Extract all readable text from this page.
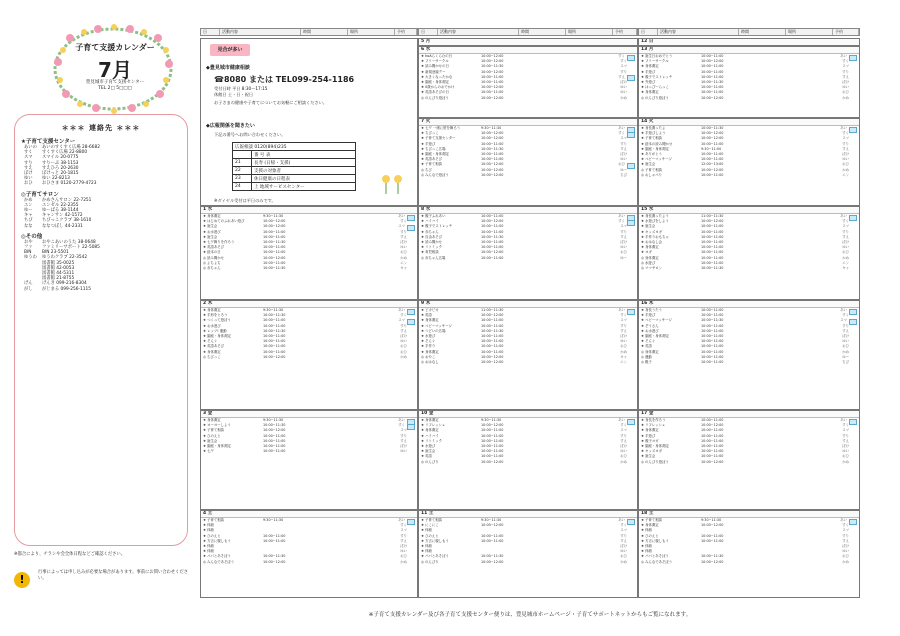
子育て支援カレンダー
7月
豊見城市子育て支援センター
TEL 2□ 5□□□
＊＊＊ 連絡先 ＊＊＊
★子育て支援センター
あいの	あいのすくすく広場 28-6682
すく	すくすく広場 22-8800
スマ	スマイル 20-0775
すり	すりーぷ 38-1153
すえ	すえひろ 20-2630
ぽけ	ぽけっと 20-1815
ゆい	ゆい 22-8213
おひ	おひさま 0120-2779-4723
◎子育てサロン
かめ	かめさんサロン 22-7251
エン	エンゼル 22-2355
ゆー	ゆーぱる 38-1144
キャ	キャンサン 42-1572
ちび	ちびっこクラブ 38-1610
なな	ななつぼし 44-2331
◎その他
おや	おやこあいのうた 38-0648
ファ	ファミリーサポート 22-5085
BIN	BIN 23-5501
ゆうわ	ゆうわクラブ 22-3542
図書館 35-0025
図書館 42-0053
図書館 44-5311
図書館 21-8755
げん	げんき 099-216-8304
がし	がじまる 099-256-1115
※都合により、チラシや会全体日程などご確認ください。
!
行事によっては申し込みが必要な場合があります。事前にお問い合わせください。
日	活動内容	時間	場所	予約	日	活動内容	時間	場所	予約	日	活動内容	時間	場所	予約
見合が多い
◆豊見城市健康相談
☎8080 または TEL099-254-1186
受付日時 平日 8:30〜17:15
休館日 土・日・祝日
お子さまの健康や子育てについてお気軽にご相談ください。
◆広報関係を聞きたい
下記の番号へお問い合わせください。
広報相談 0120(894)235	
	番 号 表
21	長寿 (日帰・支援)
22	支援の対象者
23	休日健康の日程表
24	上 地域サービスセンター
※ダイヤル受付は平日のみです。
5 月
6 水
★ hoAらくらむの日	10:00~12:00	すく
★ フリーサークル	10:00~12:00	すく
★ 読み聞かせの日	10:00~11:30	スマ
★ 新規登録デー	10:00~12:00	すり
★ 大きくなったかな	10:00~11:00	すえ
★ 園庭・身体測定	10:00~11:00	ぽけ
★ 0歳からのおでかけ	10:00~12:00	ゆい
★ 英語あそびの日	10:00~11:00	ゆい
◎ のんびり遊ぼう	10:00~12:00	かめ
12 日
13 月
★ 誕生日おめでとう	10:00~11:00	あい
★ フリーサークル	10:00~12:00	すく
★ 身体測定	10:00~11:00	スマ
★ 手遊び	10:00~11:00	すり
★ 親子でストレッチ	10:00~11:00	すえ
★ 外遊び	10:00~11:30	ぽけ
★ はっぴーらっこ	10:00~11:00	ゆい
★ 身体測定	10:00~11:00	おひ
◎ のんびり遊ぼう	10:00~12:00	かめ
7 火
★ 七夕 一緒に笹を飾ろう	9:30~11:30	あい
★ ちびっこ	10:00~12:00	すく
★ 子育て支援センター	10:00~12:00	スマ
★ 手遊び	10:00~11:00	すり
★ ちびっこ広場	10:00~11:30	すえ
★ 園庭・身体測定	10:00~11:00	ぽけ
★ 英語あそび	10:00~11:00	ゆい
★ 子育て相談	10:00~12:00	おひ
◎ ちび	10:00~12:00	ゆー
◎ みんなで遊ぼう	10:00~12:00	ちび
14 火
★ 身長測ったよ	10:00~11:30	あい
★ 手遊びしよう	10:00~12:00	すく
★ 子育て相談	10:00~12:00	スマ
★ 絵本の読み聞かせ	10:00~11:00	すり
★ 園庭・身体測定	9:30~11:00	すえ
★ ありがとう	10:00~11:00	ぽけ
★ ベビーマッサージ	10:00~11:00	ゆい
★ 誕生会	12:00~13:00	おひ
◎ 子育て相談	10:00~12:00	かめ
◎ おしゃべり	10:00~11:00	エン
1 水
★ 身体測定	9:30~11:30	あい
★ はじめてのふれあい遊び	10:00~12:00	すく
★ 誕生会	10:00~12:00	スマ
★ お水遊び	10:00~11:00	すり
★ 誕生会	10:00~11:00	すえ
★ 七夕飾りを作ろう	10:00~11:30	ぽけ
★ 英語あそび	10:00~11:00	ゆい
★ 絵本の日	10:00~11:00	おひ
◎ 読み聞かせ	10:00~12:00	かめ
◎ よちよち	10:00~11:00	エン
◎ 赤ちゃん	10:00~11:30	キャ
8 水
★ 親子ふれあい	10:00~11:00	あい
★ ハイハイ	10:00~12:00	すく
★ 親子でストレッチ	10:00~11:00	スマ
★ 赤ちゃん	10:00~11:00	すり
★ 自由あそび	10:00~11:30	すえ
★ 読み聞かせ	10:00~11:00	ぽけ
★ リトミック	10:00~11:00	ゆい
★ 育児相談	10:00~12:00	おひ
◎ 赤ちゃん広場	10:00~11:00	ゆー
15 水
★ 身長測ったよう	11:00~11:30	あい
★ 水遊びをしよう	10:00~12:00	すく
★ 誕生会	10:00~11:00	スマ
★ キッズヨガ	10:00~11:00	すり
★ 手作りおもちゃ	10:00~11:00	すえ
★ おはなし会	10:00~11:00	ぽけ
★ 身体測定	10:00~11:00	ゆい
★ ヨガ	10:00~11:00	おひ
◎ 身体測定	10:00~11:00	かめ
◎ 水遊び	10:00~11:00	エン
◎ ママサロン	10:00~11:30	キャ
2 木
★ 身体測定	9:30~11:30	あい
★ 手形をとろう	10:00~11:30	すく
★ つくって遊ぼう	10:00~11:00	スマ
★ お水遊び	10:00~11:00	すり
★ レッツ! 運動	10:00~11:30	すえ
★ 園庭・身体測定	10:00~11:00	ぽけ
★ そんぐ	10:00~11:00	ゆい
★ 英語あそび	10:00~11:00	おひ
★ 身体測定	10:00~11:00	おひ
◎ ちびっこ	10:00~12:00	かめ
9 木
★ ピカピカ	11:00~11:30	あい
★ 英語	10:00~12:00	すく
★ 身体測定	10:00~11:00	スマ
★ ベビーマッサージ	10:00~11:00	すり
★ つどいの広場	10:00~11:30	すえ
★ 水遊び	10:00~11:00	ぽけ
★ そんぐ	10:00~11:00	ゆい
★ 手作り	10:00~11:00	おひ
★ 身体測定	10:00~11:00	かめ
◎ おやこ	10:00~12:00	キャ
◎ おはなし	10:00~12:00	エン
16 木
★ 身長うたう	10:00~11:00	あい
★ 手遊び	10:00~11:00	すく
★ ベビーマッサージ	10:00~11:30	スマ
★ ぞうさん	10:00~11:00	すり
★ お水遊び	10:00~11:00	すえ
★ 園庭・身体測定	10:00~11:00	ぽけ
★ そんぐ	10:00~11:00	ゆい
★ 英語	10:00~11:00	おひ
◎ 身体測定	10:00~11:00	かめ
◎ 運動	10:00~11:00	ゆー
◎ 親子	10:00~11:00	ちび
3 金
★ 身体測定	9:30~11:30	あい
★ ヨーヨーしよう	10:00~11:30	すく
★ 子育て相談	10:00~12:00	スマ
★ ひのえと	10:00~11:00	すり
★ 誕生会	10:00~11:00	すえ
★ 園庭・身体測定	10:00~11:00	ぽけ
★ 七夕	10:00~11:00	ゆい
10 金
★ 身体測定	9:30~11:30	あい
★ リフレッシュ	10:00~12:00	すく
★ 身体測定	10:00~11:00	スマ
★ ハイハイ	10:00~11:00	すり
★ リトミック	10:00~11:00	すえ
★ 水遊び	10:00~11:00	ぽけ
★ 誕生会	10:00~11:00	ゆい
★ 英語	10:00~11:00	おひ
◎ のんびり	10:00~12:00	かめ
17 金
★ 身長を作ろう	10:00~11:00	あい
★ リフレッシュ	10:00~12:00	すく
★ 身体測定	10:00~11:00	スマ
★ 手遊び	10:00~11:00	すり
★ 親子ヨガ	10:00~11:00	すえ
★ 園庭・身体測定	10:00~11:00	ぽけ
★ キッズヨガ	10:00~11:00	ゆい
★ 誕生会	10:00~11:00	おひ
◎ のんびり遊ぼう	10:00~12:00	かめ
4 土
★ 子育て相談	9:30~11:30	あい
★ 休館	すく
★ 休館	スマ
★ ひのえと	10:00~11:00	すり
★ 方言に親しもう	10:00~11:00	すえ
★ 休館	ぽけ
★ 休館	ゆい
★ パパとあそぼう	10:00~11:30	おひ
◎ みんなであそぼう	10:00~12:00	かめ
11 土
★ 子育て相談	9:30~11:30	あい
★ にこにこ	10:00~12:00	すく
★ 休館	スマ
★ ひのえと	10:00~11:00	すり
★ 方言に親しもう	10:00~11:00	すえ
★ 休館	ぽけ
★ 休館	ゆい
★ パパとあそぼう	10:00~11:30	おひ
◎ のんびり	10:00~12:00	かめ
18 土
★ 子育て相談	9:30~11:30	あい
★ 身体測定	10:00~12:00	すく
★ 休館	スマ
★ ひのえと	10:00~11:00	すり
★ 方言に親しもう	10:00~11:00	すえ
★ 休館	ぽけ
★ 休館	ゆい
★ パパとあそぼう	10:00~11:30	おひ
◎ みんなであそぼう	10:00~12:00	かめ
※子育て支援カレンダー及び各子育て支援センター便りは、豊見城市ホームページ・子育てサポートネットからもご覧になれます。
